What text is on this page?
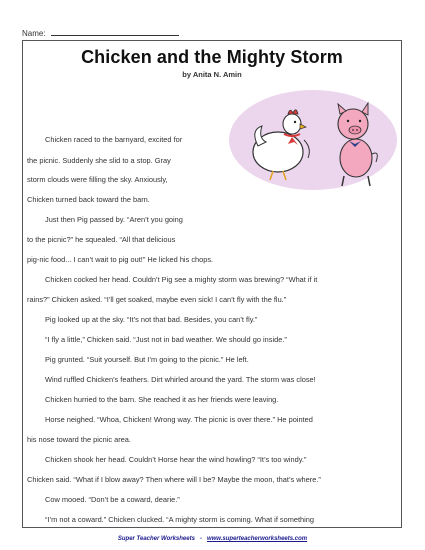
Name:
Chicken and the Mighty Storm
by Anita N. Amin
Chicken raced to the barnyard, excited for
the picnic. Suddenly she slid to a stop. Gray
storm clouds were filling the sky. Anxiously,
Chicken turned back toward the barn.
Just then Pig passed by. “Aren’t you going
to the picnic?” he squealed. “All that delicious
pig-nic food... I can’t wait to pig out!” He licked his chops.
Chicken cocked her head. Couldn’t Pig see a mighty storm was brewing? “What if it
rains?” Chicken asked. “I’ll get soaked, maybe even sick! I can’t fly with the flu.”
Pig looked up at the sky. “It’s not that bad. Besides, you can’t fly.”
“I fly a little,” Chicken said. “Just not in bad weather. We should go inside.”
Pig grunted. “Suit yourself. But I’m going to the picnic.” He left.
Wind ruffled Chicken’s feathers. Dirt whirled around the yard. The storm was close!
Chicken hurried to the barn. She reached it as her friends were leaving.
Horse neighed. “Whoa, Chicken! Wrong way. The picnic is over there.” He pointed
his nose toward the picnic area.
Chicken shook her head. Couldn’t Horse hear the wind howling? “It’s too windy.”
Chicken said. “What if I blow away? Then where will I be? Maybe the moon, that’s where.”
Cow mooed. “Don’t be a coward, dearie.”
“I’m not a coward.” Chicken clucked. “A mighty storm is coming. What if something
Super Teacher Worksheets - www.superteacherworksheets.com
